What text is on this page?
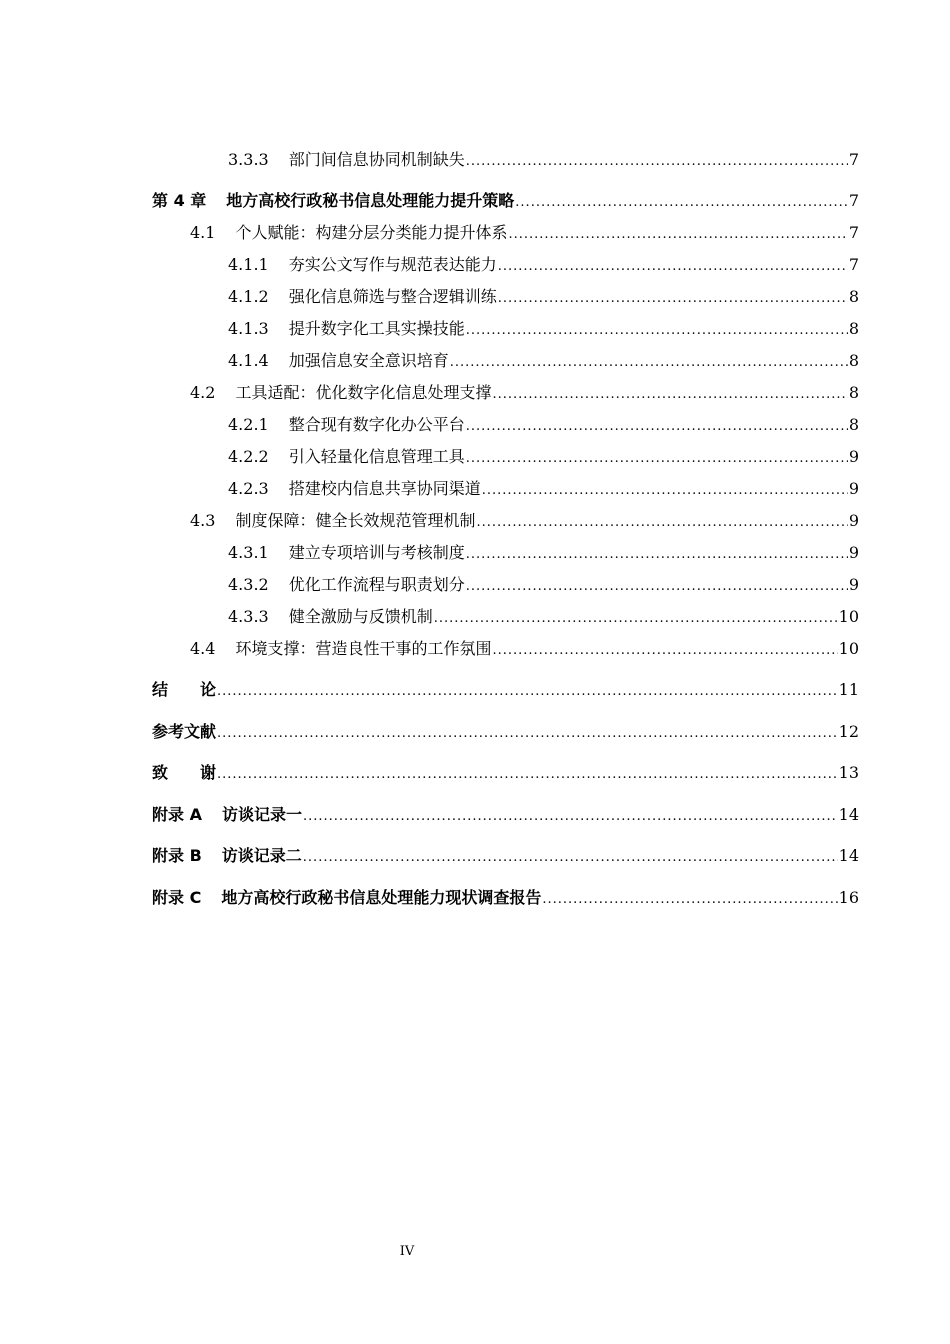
3.3.3 部门间信息协同机制缺失 .....	7
第 4 章 地方高校行政秘书信息处理能力提升策略 .....	7
4.1 个人赋能：构建分层分类能力提升体系 .....	7
4.1.1 夯实公文写作与规范表达能力 .....	7
4.1.2 强化信息筛选与整合逻辑训练 .....	8
4.1.3 提升数字化工具实操技能 .....	8
4.1.4 加强信息安全意识培育 .....	8
4.2 工具适配：优化数字化信息处理支撑 .....	8
4.2.1 整合现有数字化办公平台 .....	8
4.2.2 引入轻量化信息管理工具 .....	9
4.2.3 搭建校内信息共享协同渠道 .....	9
4.3 制度保障：健全长效规范管理机制 .....	9
4.3.1 建立专项培训与考核制度 .....	9
4.3.2 优化工作流程与职责划分 .....	9
4.3.3 健全激励与反馈机制 .....	10
4.4 环境支撑：营造良性干事的工作氛围 .....	10
结　　论 .....	11
参考文献 .....	12
致　　谢 .....	13
附录 A 访谈记录一 .....	14
附录 B 访谈记录二 .....	14
附录 C 地方高校行政秘书信息处理能力现状调查报告 .....	16
IV
